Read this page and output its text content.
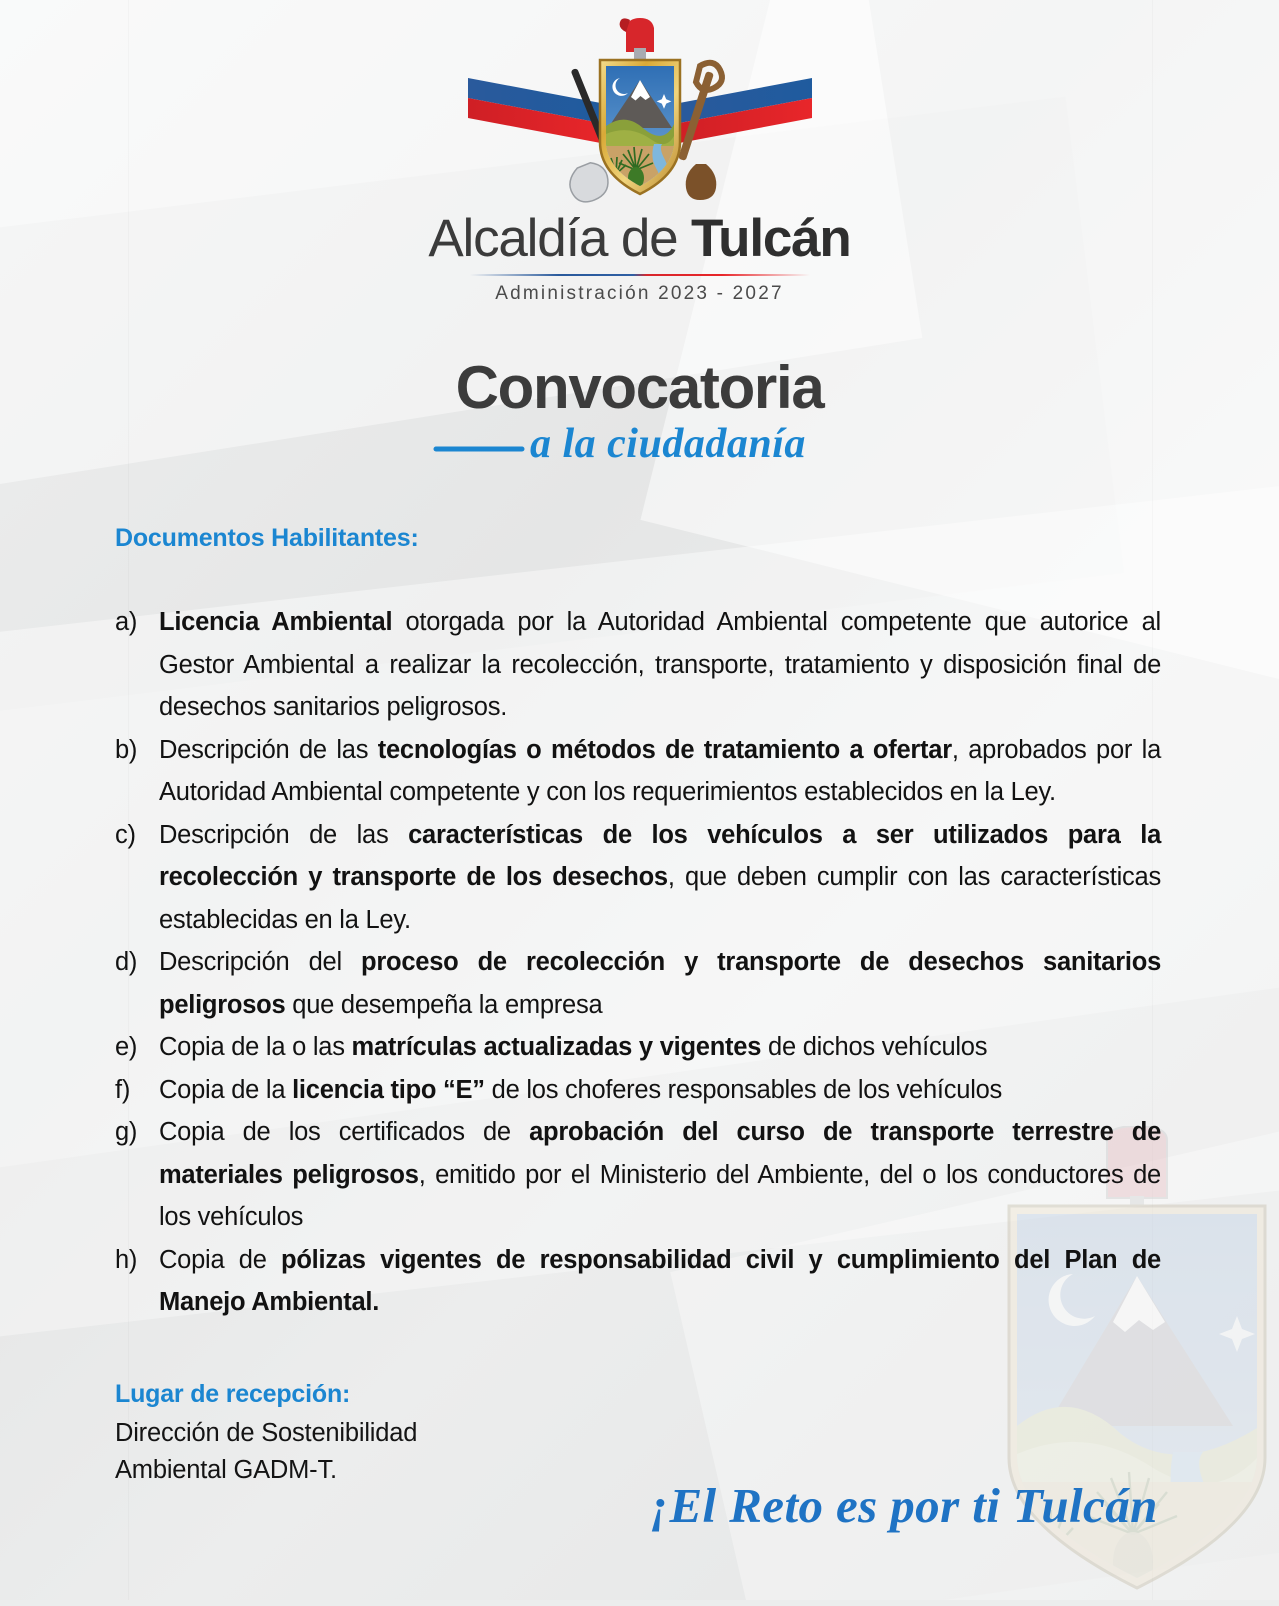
Alcaldía de Tulcán
Administración 2023 - 2027
Convocatoria
a la ciudadanía
Documentos Habilitantes:
a) Licencia Ambiental otorgada por la Autoridad Ambiental competente que autorice al Gestor Ambiental a realizar la recolección, transporte, tratamiento y disposición final de desechos sanitarios peligrosos.

b) Descripción de las tecnologías o métodos de tratamiento a ofertar, aprobados por la Autoridad Ambiental competente y con los requerimientos establecidos en la Ley.

c) Descripción de las características de los vehículos a ser utilizados para la recolección y transporte de los desechos, que deben cumplir con las características establecidas en la Ley.

d) Descripción del proceso de recolección y transporte de desechos sanitarios peligrosos que desempeña la empresa

e) Copia de la o las matrículas actualizadas y vigentes de dichos vehículos

f)	Copia de la licencia tipo “E” de los choferes responsables de los vehículos

g) Copia de los certificados de aprobación del curso de transporte terrestre de materiales peligrosos, emitido por el Ministerio del Ambiente, del o los conductores de los vehículos

h) Copia de pólizas vigentes de responsabilidad civil y cumplimiento del Plan de Manejo Ambiental.

Lugar de recepción:
Dirección de Sostenibilidad
Ambiental GADM-T.
¡El Reto es por ti Tulcán !
